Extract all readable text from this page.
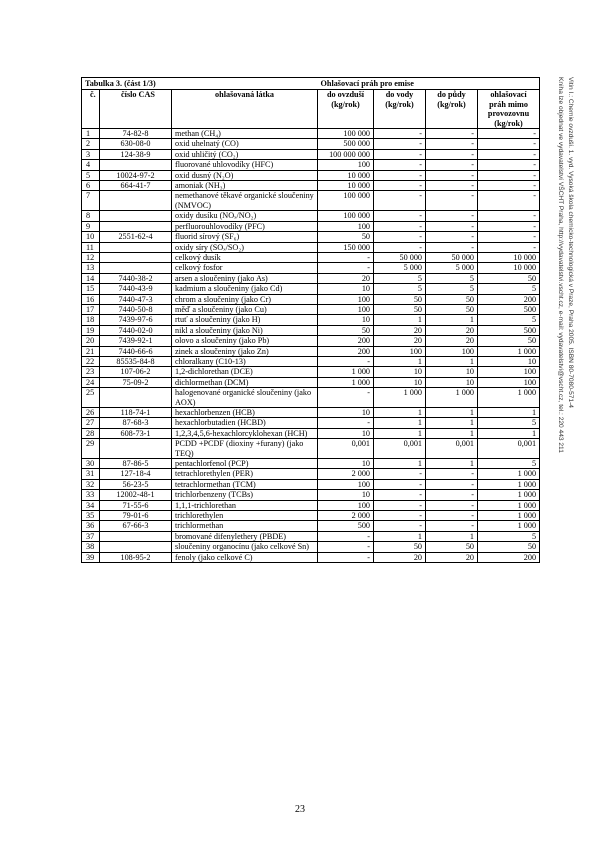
Tabulka 3. (část 1/3)			Ohlašovací práh pro emise			
č.	číslo CAS	ohlašovaná látka	do ovzduší (kg/rok)	do vody (kg/rok)	do půdy (kg/rok)	ohlašovací práh mimo provozovnu (kg/rok)
1	74-82-8	methan (CH₄)	100 000	-	-	-
2	630-08-0	oxid uhelnatý (CO)	500 000	-	-	-
3	124-38-9	oxid uhličitý (CO₂)	100 000 000	-	-	-
4		fluorované uhlovodíky (HFC)	100	-	-	-
5	10024-97-2	oxid dusný (N₂O)	10 000	-	-	-
6	664-41-7	amoniak (NH₃)	10 000	-	-	-
7		nemethanové těkavé organické sloučeniny (NMVOC)	100 000	-	-	-
8		oxidy dusíku (NOₓ/NO₂)	100 000	-	-	-
9		perfluorouhlovodíky (PFC)	100	-	-	-
10	2551-62-4	fluorid sírový (SF₆)	50	-	-	-
11		oxidy síry (SOₓ/SO₂)	150 000	-	-	-
12		celkový dusík	-	50 000	50 000	10 000
13		celkový fosfor	-	5 000	5 000	10 000
14	7440-38-2	arsen a sloučeniny (jako As)	20	5	5	50
15	7440-43-9	kadmium a sloučeniny (jako Cd)	10	5	5	5
16	7440-47-3	chrom a sloučeniny (jako Cr)	100	50	50	200
17	7440-50-8	měď a sloučeniny (jako Cu)	100	50	50	500
18	7439-97-6	rtuť a sloučeniny (jako H)	10	1	1	5
19	7440-02-0	nikl a sloučeniny (jako Ni)	50	20	20	500
20	7439-92-1	olovo a sloučeniny (jako Pb)	200	20	20	50
21	7440-66-6	zinek a sloučeniny (jako Zn)	200	100	100	1 000
22	85535-84-8	chloralkany (C10-13)	-	1	1	10
23	107-06-2	1,2-dichlorethan (DCE)	1 000	10	10	100
24	75-09-2	dichlormethan (DCM)	1 000	10	10	100
25		halogenované organické sloučeniny (jako AOX)	-	1 000	1 000	1 000
26	118-74-1	hexachlorbenzen (HCB)	10	1	1	1
27	87-68-3	hexachlorbutadien (HCBD)	-	1	1	5
28	608-73-1	1,2,3,4,5,6-hexachlorcyklohexan (HCH)	10	1	1	1
29		PCDD +PCDF (dioxiny +furany) (jako TEQ)	0,001	0,001	0,001	0,001
30	87-86-5	pentachlorfenol (PCP)	10	1	1	5
31	127-18-4	tetrachlorethylen (PER)	2 000	-	-	1 000
32	56-23-5	tetrachlormethan (TCM)	100	-	-	1 000
33	12002-48-1	trichlorbenzeny (TCBs)	10	-	-	1 000
34	71-55-6	1,1,1-trichlorethan	100	-	-	1 000
35	79-01-6	trichlorethylen	2 000	-	-	1 000
36	67-66-3	trichlormethan	500	-	-	1 000
37		bromované difenylethery (PBDE)	-	1	1	5
38		sloučeniny organocínu (jako celkové Sn)	-	50	50	50
39	108-95-2	fenoly (jako celkové C)	-	20	20	200
Vitin I.: Chemie ovzduší. 1. vyd. Vysoká škola chemicko-technologická v Praze, Praha 2005. ISBN 80-7080-571-4
Kniha lze objednat ve vydavatelství VŠCHT Praha, http://vydavatelstvi.vscht.cz, e-mail: vydavatelstvi@vscht.cz, tel.: 220 443 211
23
